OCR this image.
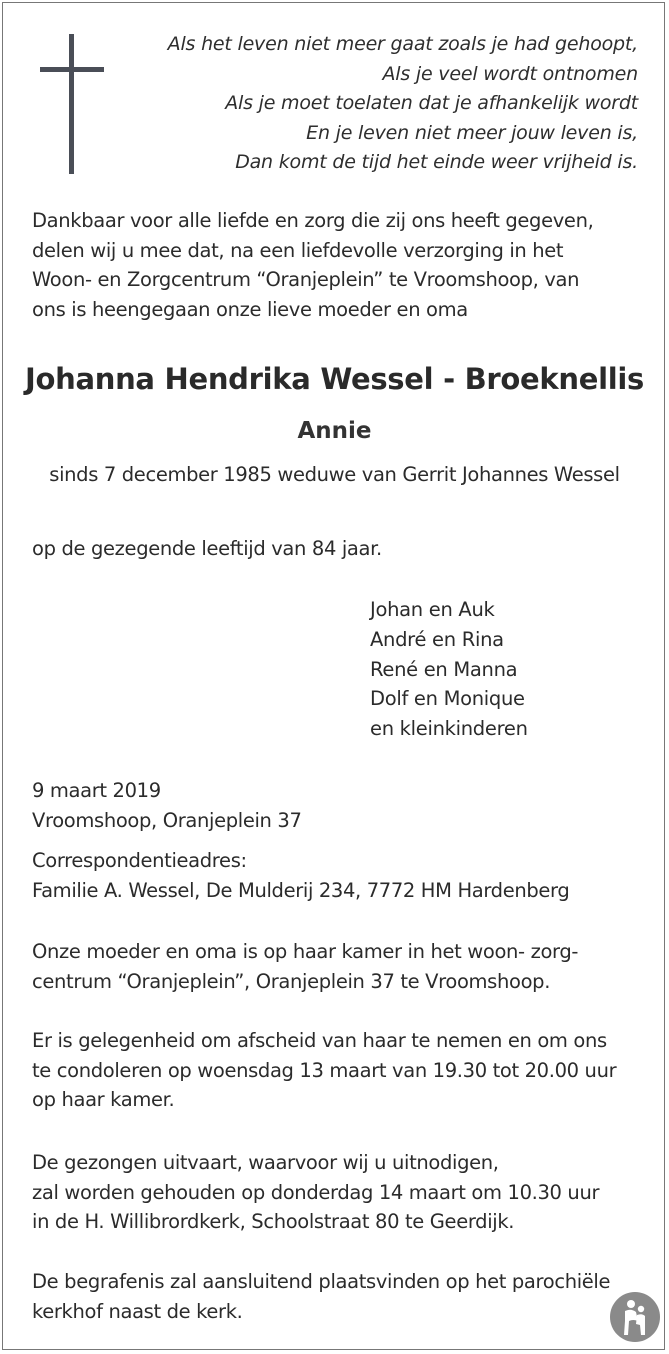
Als het leven niet meer gaat zoals je had gehoopt,
Als je veel wordt ontnomen
Als je moet toelaten dat je afhankelijk wordt
En je leven niet meer jouw leven is,
Dan komt de tijd het einde weer vrijheid is.
Dankbaar voor alle liefde en zorg die zij ons heeft gegeven,
delen wij u mee dat, na een liefdevolle verzorging in het
Woon- en Zorgcentrum “Oranjeplein” te Vroomshoop, van
ons is heengegaan onze lieve moeder en oma
Johanna Hendrika Wessel - Broeknellis
Annie
sinds 7 december 1985 weduwe van Gerrit Johannes Wessel
op de gezegende leeftijd van 84 jaar.
Johan en Auk
André en Rina
René en Manna
Dolf en Monique
en kleinkinderen
9 maart 2019
Vroomshoop, Oranjeplein 37
Correspondentieadres:
Familie A. Wessel, De Mulderij 234, 7772 HM Hardenberg
Onze moeder en oma is op haar kamer in het woon- zorg-
centrum “Oranjeplein”, Oranjeplein 37 te Vroomshoop.
Er is gelegenheid om afscheid van haar te nemen en om ons
te condoleren op woensdag 13 maart van 19.30 tot 20.00 uur
op haar kamer.
De gezongen uitvaart, waarvoor wij u uitnodigen,
zal worden gehouden op donderdag 14 maart om 10.30 uur
in de H. Willibrordkerk, Schoolstraat 80 te Geerdijk.
De begrafenis zal aansluitend plaatsvinden op het parochiële
kerkhof naast de kerk.
